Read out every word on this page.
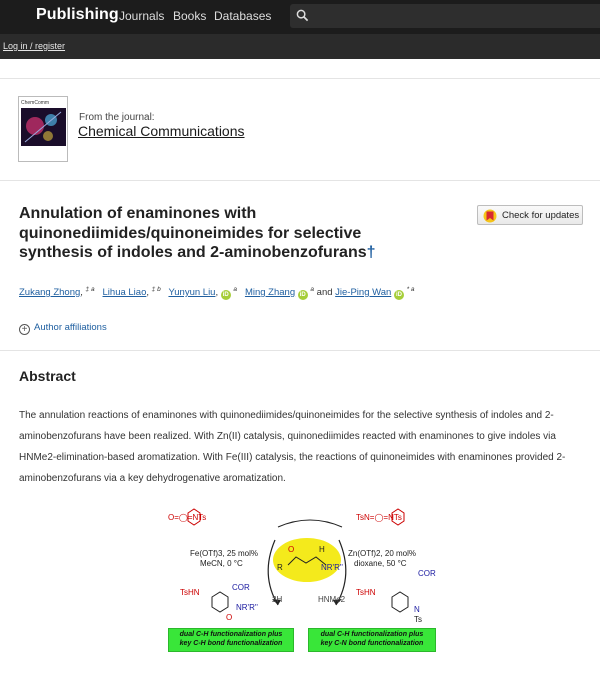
Publishing Journals Books Databases
Log in / register
ChemComm
From the journal:
Chemical Communications
Annulation of enaminones with quinonediimides/quinoneimides for selective synthesis of indoles and 2-aminobenzofurans†
Check for updates
Zukang Zhong, $^{\ddagger a}$ Lihua Liao, $^{\ddagger b}$ Yunyun Liu, iD $^a$ Ming Zhang iD $^a$ and Jie-Ping Wan iD $^{* a}$
+ Author affiliations
Abstract
The annulation reactions of enaminones with quinonediimides/quinoneimides for the selective synthesis of indoles and 2-aminobenzofurans have been realized. With Zn(II) catalysis, quinonediimides reacted with enaminones to give indoles via HNMe2-elimination-based aromatization. With Fe(III) catalysis, the reactions of quinoneimides with enaminones provided 2-aminobenzofurans via a key dehydrogenative aromatization.
O=◯=NTs	TsN=◯=NTs
Fe(OTf)3, 25 mol%
MeCN, 0 °C
Zn(OTf)2, 20 mol%
dioxane, 50 °C
O	H
R	NR'R''
2H	HNMe2
TsHN
COR
NR'R''
O
TsHN
COR
N
Ts
dual C-H functionalization plus
key C-H bond functionalization
dual C-H functionalization plus
key C-N bond functionalization
